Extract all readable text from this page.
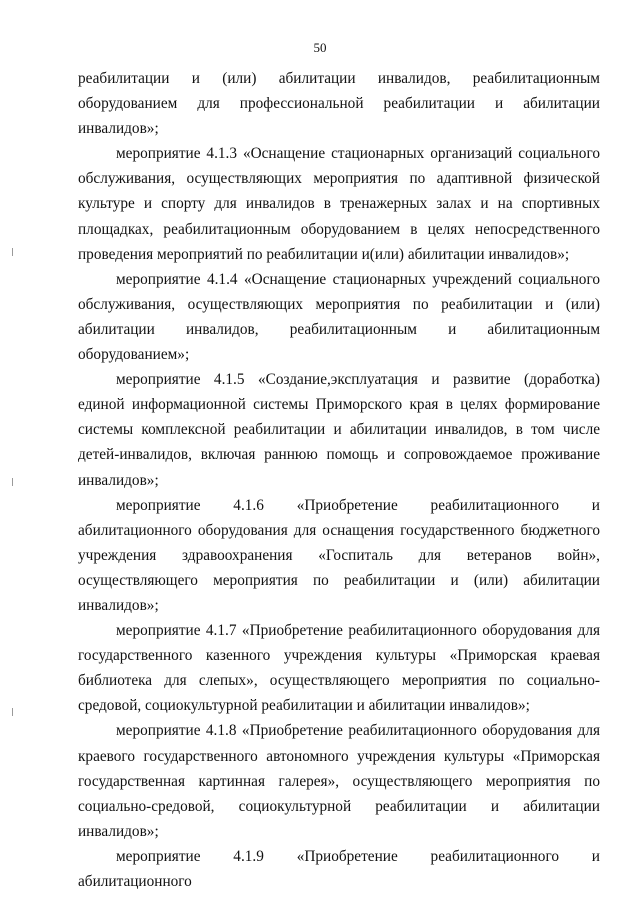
50

реабилитации и (или) абилитации инвалидов, реабилитационным оборудованием для профессиональной реабилитации и абилитации инвалидов»;

мероприятие 4.1.3 «Оснащение стационарных организаций социального обслуживания, осуществляющих мероприятия по адаптивной физической культуре и спорту для инвалидов в тренажерных залах и на спортивных площадках, реабилитационным оборудованием в целях непосредственного проведения мероприятий по реабилитации и(или) абилитации инвалидов»;

мероприятие 4.1.4 «Оснащение стационарных учреждений социального обслуживания, осуществляющих мероприятия по реабилитации и (или) абилитации инвалидов, реабилитационным и абилитационным оборудованием»;

мероприятие 4.1.5 «Создание,эксплуатация и развитие (доработка) единой информационной системы Приморского края в целях формирование системы комплексной реабилитации и абилитации инвалидов, в том числе детей-инвалидов, включая раннюю помощь и сопровождаемое проживание инвалидов»;

мероприятие 4.1.6 «Приобретение реабилитационного и абилитационного оборудования для оснащения государственного бюджетного учреждения здравоохранения «Госпиталь для ветеранов войн», осуществляющего мероприятия по реабилитации и (или) абилитации инвалидов»;

мероприятие 4.1.7 «Приобретение реабилитационного оборудования для государственного казенного учреждения культуры «Приморская краевая библиотека для слепых», осуществляющего мероприятия по социально-средовой, социокультурной реабилитации и абилитации инвалидов»;

мероприятие 4.1.8 «Приобретение реабилитационного оборудования для краевого государственного автономного учреждения культуры «Приморская государственная картинная галерея», осуществляющего мероприятия по социально-средовой, социокультурной реабилитации и абилитации инвалидов»;

мероприятие 4.1.9 «Приобретение реабилитационного и абилитационного
